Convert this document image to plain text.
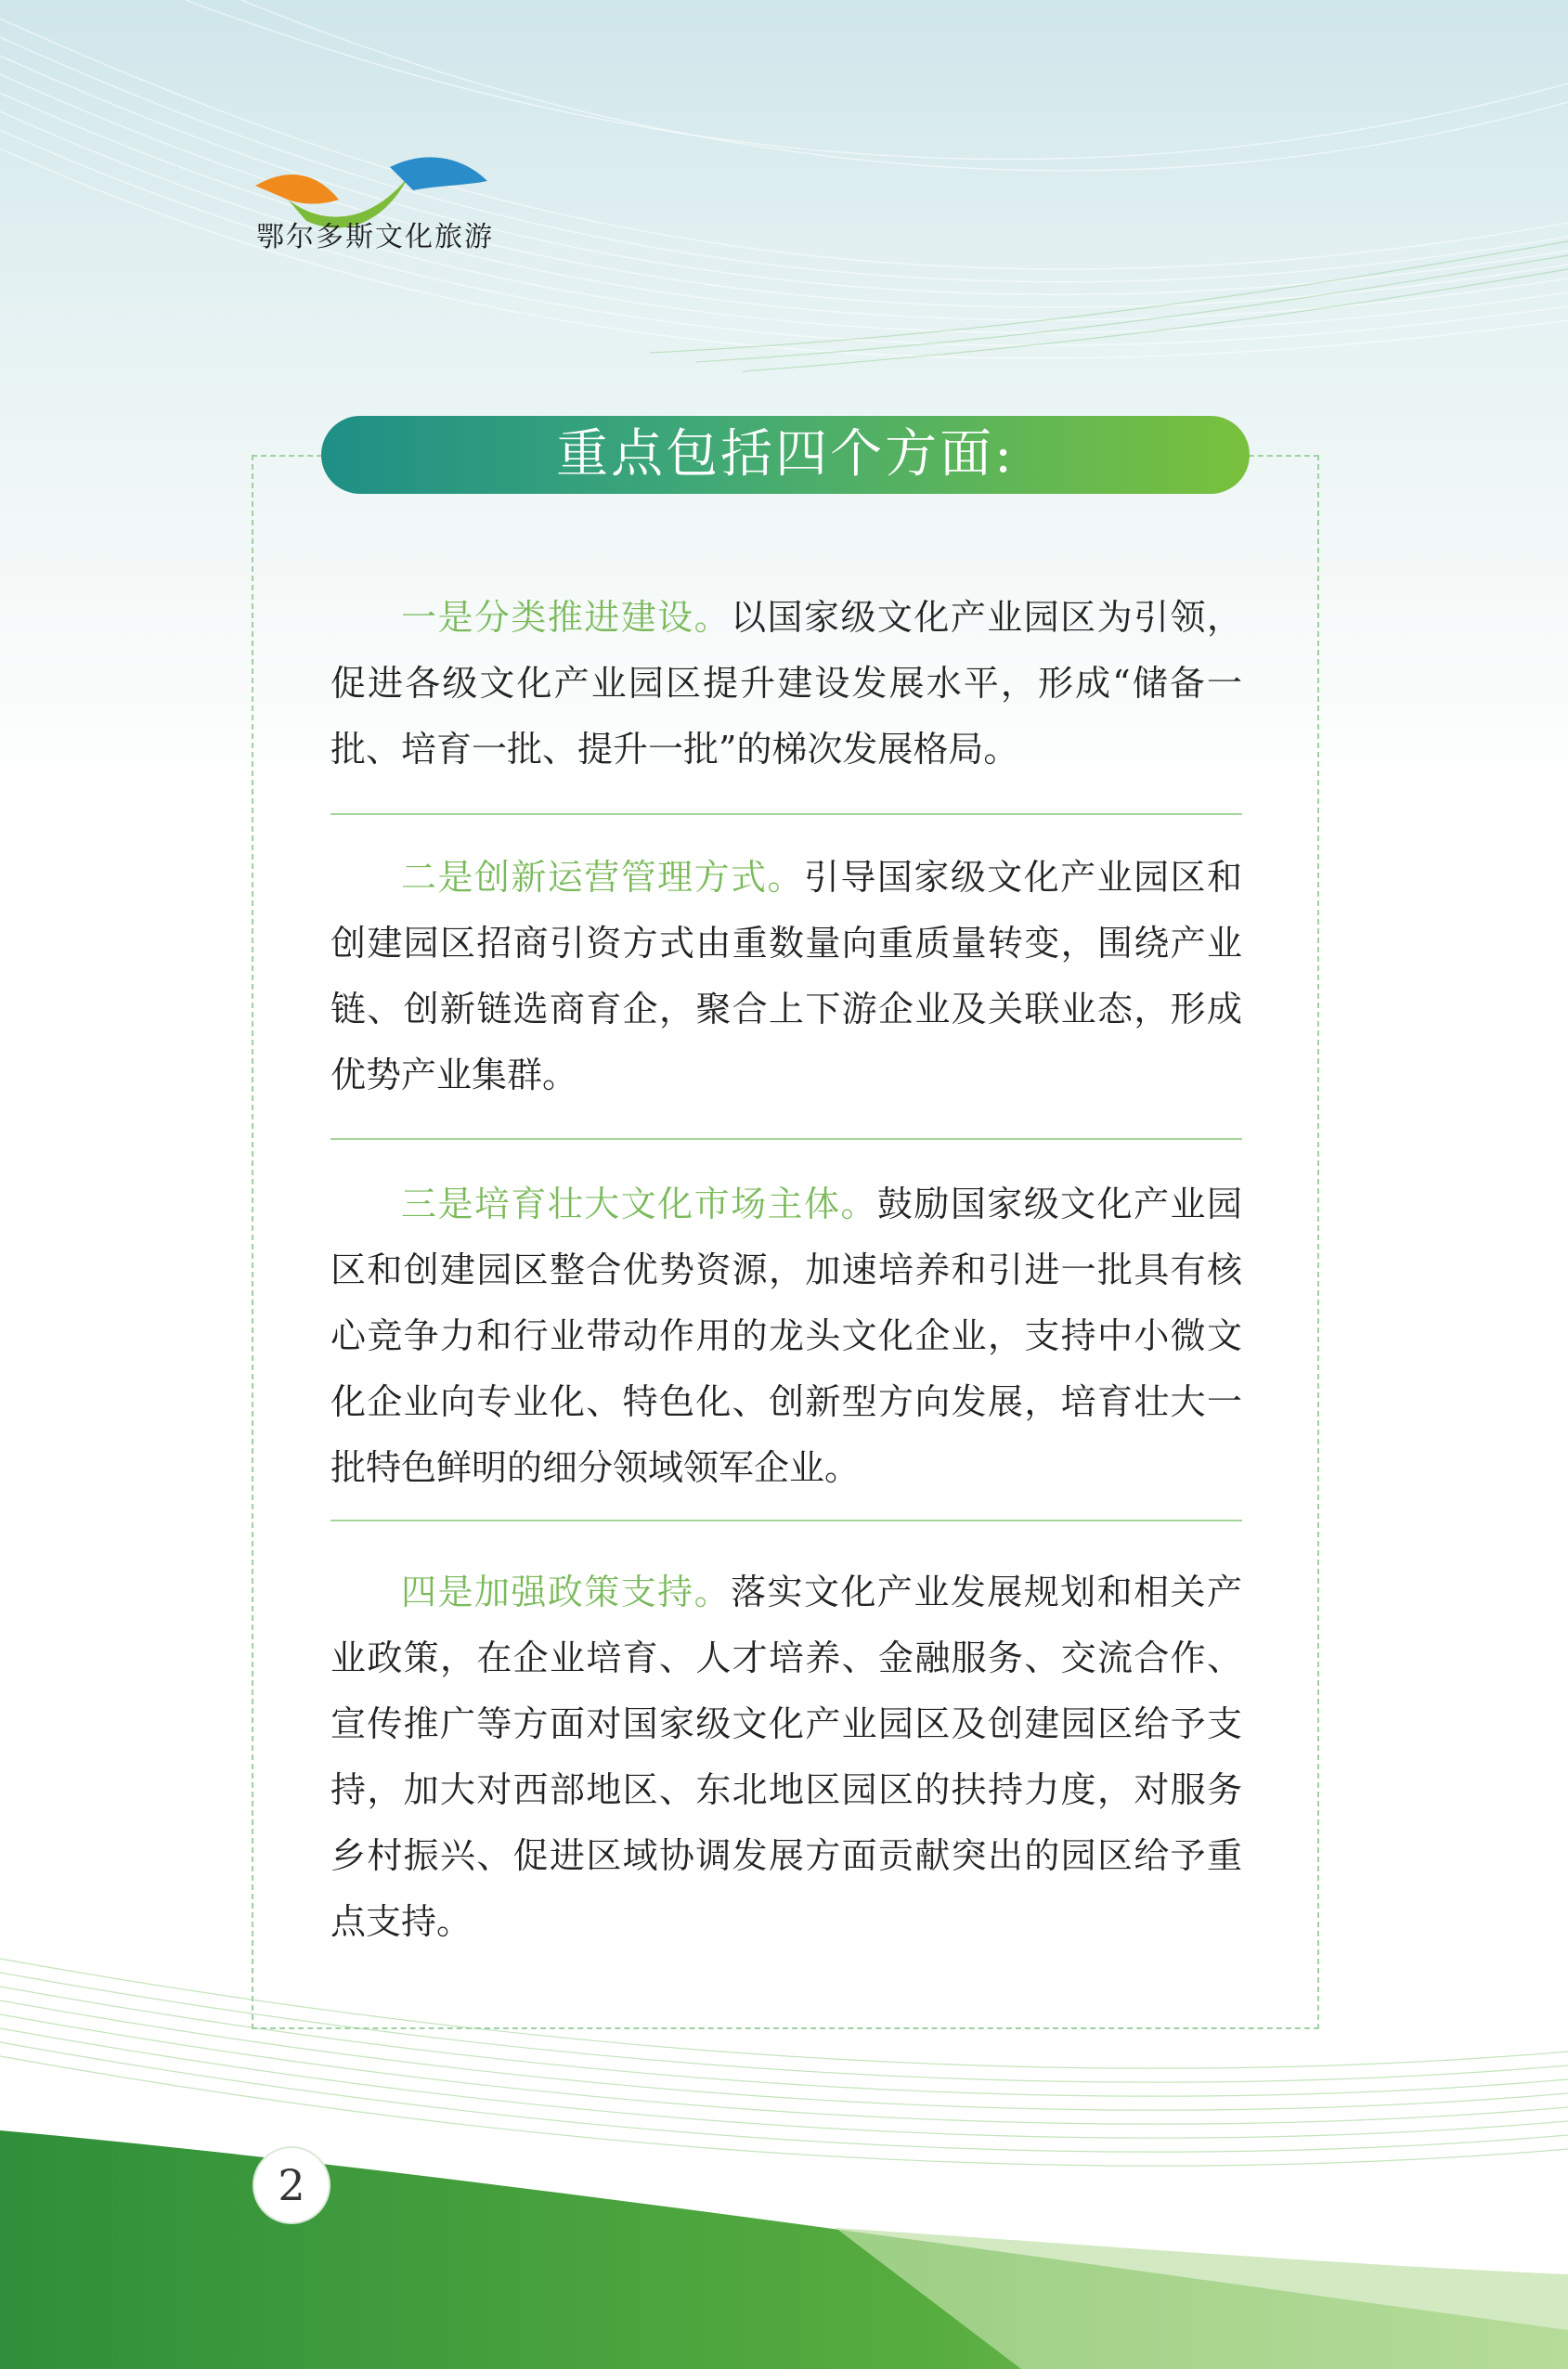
鄂尔多斯文化旅游
重点包括四个方面:

一是分类推进建设。以国家级文化产业园区为引领，促进各级文化产业园区提升建设发展水平，形成“储备一批、培育一批、提升一批”的梯次发展格局。

二是创新运营管理方式。引导国家级文化产业园区和创建园区招商引资方式由重数量向重质量转变，围绕产业链、创新链选商育企，聚合上下游企业及关联业态，形成优势产业集群。

三是培育壮大文化市场主体。鼓励国家级文化产业园区和创建园区整合优势资源，加速培养和引进一批具有核心竞争力和行业带动作用的龙头文化企业，支持中小微文化企业向专业化、特色化、创新型方向发展，培育壮大一批特色鲜明的细分领域领军企业。

四是加强政策支持。落实文化产业发展规划和相关产业政策，在企业培育、人才培养、金融服务、交流合作、宣传推广等方面对国家级文化产业园区及创建园区给予支持，加大对西部地区、东北地区园区的扶持力度，对服务乡村振兴、促进区域协调发展方面贡献突出的园区给予重点支持。

2
